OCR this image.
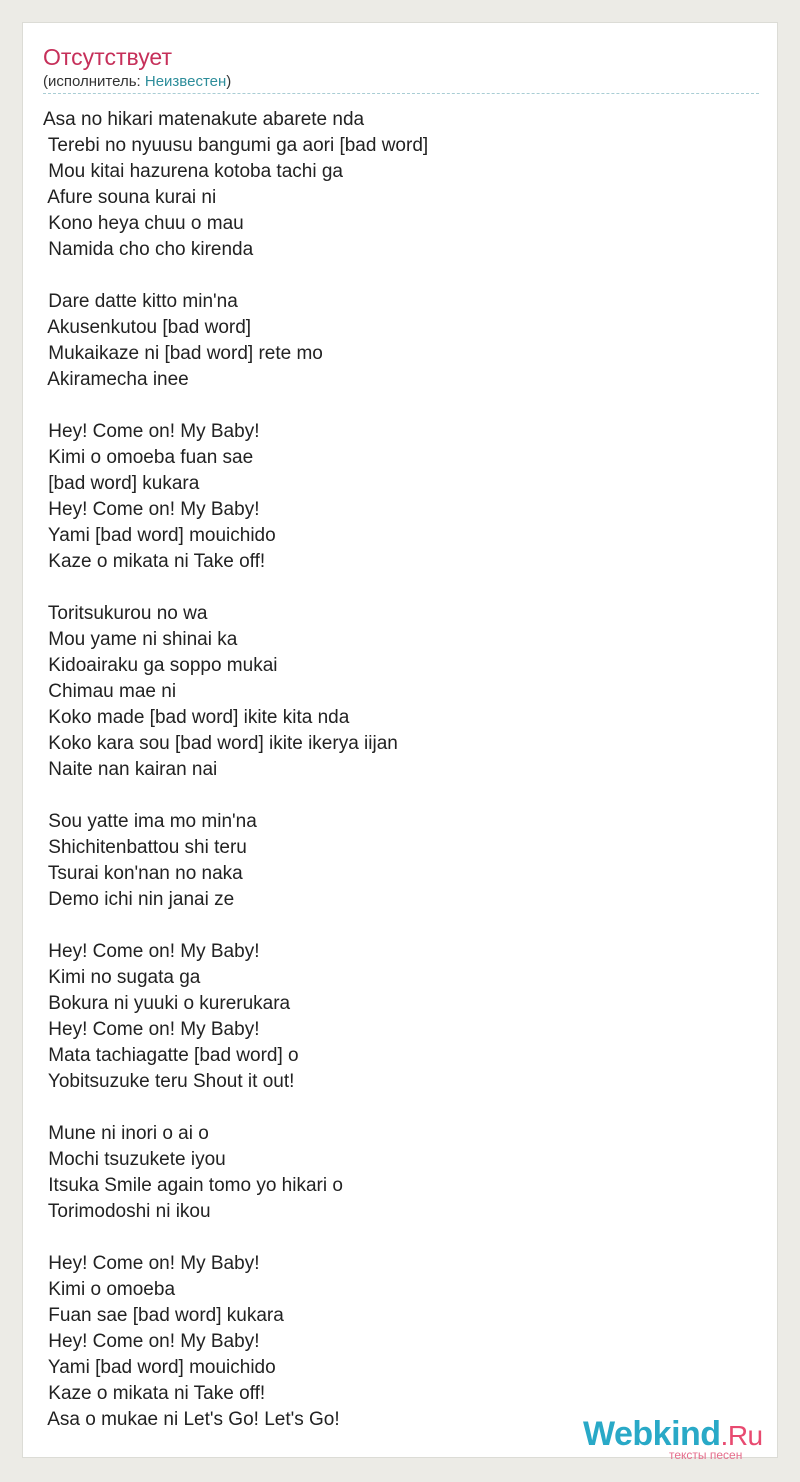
Отсутствует
(исполнитель: Неизвестен)
Asa no hikari matenakute abarete nda
Terebi no nyuusu bangumi ga aori [bad word]
Mou kitai hazurena kotoba tachi ga
Afure souna kurai ni
Kono heya chuu o mau
Namida cho cho kirenda

Dare datte kitto min'na
Akusenkutou [bad word]
Mukaikaze ni [bad word] rete mo
Akiramecha inee

Hey! Come on! My Baby!
Kimi o omoeba fuan sae
[bad word] kukara
Hey! Come on! My Baby!
Yami [bad word] mouichido
Kaze o mikata ni Take off!

Toritsukurou no wa
Mou yame ni shinai ka
Kidoairaku ga soppo mukai
Chimau mae ni
Koko made [bad word] ikite kita nda
Koko kara sou [bad word] ikite ikerya iijan
Naite nan kairan nai

Sou yatte ima mo min'na
Shichitenbattou shi teru
Tsurai kon'nan no naka
Demo ichi nin janai ze

Hey! Come on! My Baby!
Kimi no sugata ga
Bokura ni yuuki o kurerukara
Hey! Come on! My Baby!
Mata tachiagatte [bad word] o
Yobitsuzuke teru Shout it out!

Mune ni inori o ai o
Mochi tsuzukete iyou
Itsuka Smile again tomo yo hikari o
Torimodoshi ni ikou

Hey! Come on! My Baby!
Kimi o omoeba
Fuan sae [bad word] kukara
Hey! Come on! My Baby!
Yami [bad word] mouichido
Kaze o mikata ni Take off!
Asa o mukae ni Let's Go! Let's Go!	Webkind.Ru
тексты песен
